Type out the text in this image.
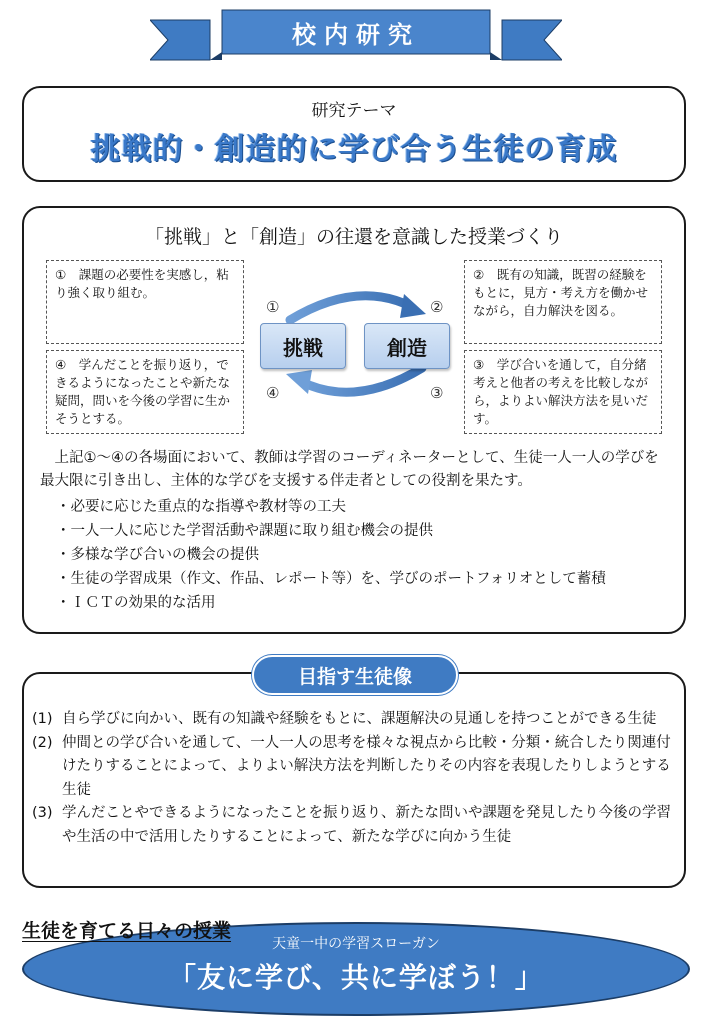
校内研究
研究テーマ
挑戦的・創造的に学び合う生徒の育成
「挑戦」と「創造」の往還を意識した授業づくり
①　課題の必要性を実感し，粘り強く取り組む。
④　学んだことを振り返り，できるようになったことや新たな疑問，問いを今後の学習に生かそうとする。
②　既有の知識，既習の経験をもとに，見方・考え方を働かせながら，自力解決を図る。
③　学び合いを通して，自分緒考えと他者の考えを比較しながら，よりよい解決方法を見いだす。
挑戦	創造
①	②
③
④
　上記①～④の各場面において、教師は学習のコーディネーターとして、生徒一人一人の学びを最大限に引き出し、主体的な学びを支援する伴走者としての役割を果たす。
・必要に応じた重点的な指導や教材等の工夫
・一人一人に応じた学習活動や課題に取り組む機会の提供
・多様な学び合いの機会の提供
・生徒の学習成果（作文、作品、レポート等）を、学びのポートフォリオとして蓄積
・ＩＣＴの効果的な活用
目指す生徒像
(1) 自ら学びに向かい、既有の知識や経験をもとに、課題解決の見通しを持つことができる生徒
(2) 仲間との学び合いを通して、一人一人の思考を様々な視点から比較・分類・統合したり関連付けたりすることによって、よりよい解決方法を判断したりその内容を表現したりしようとする生徒
(3) 学んだことやできるようになったことを振り返り、新たな問いや課題を発見したり今後の学習や生活の中で活用したりすることによって、新たな学びに向かう生徒
生徒を育てる日々の授業
天童一中の学習スローガン
「友に学び、共に学ぼう！」
